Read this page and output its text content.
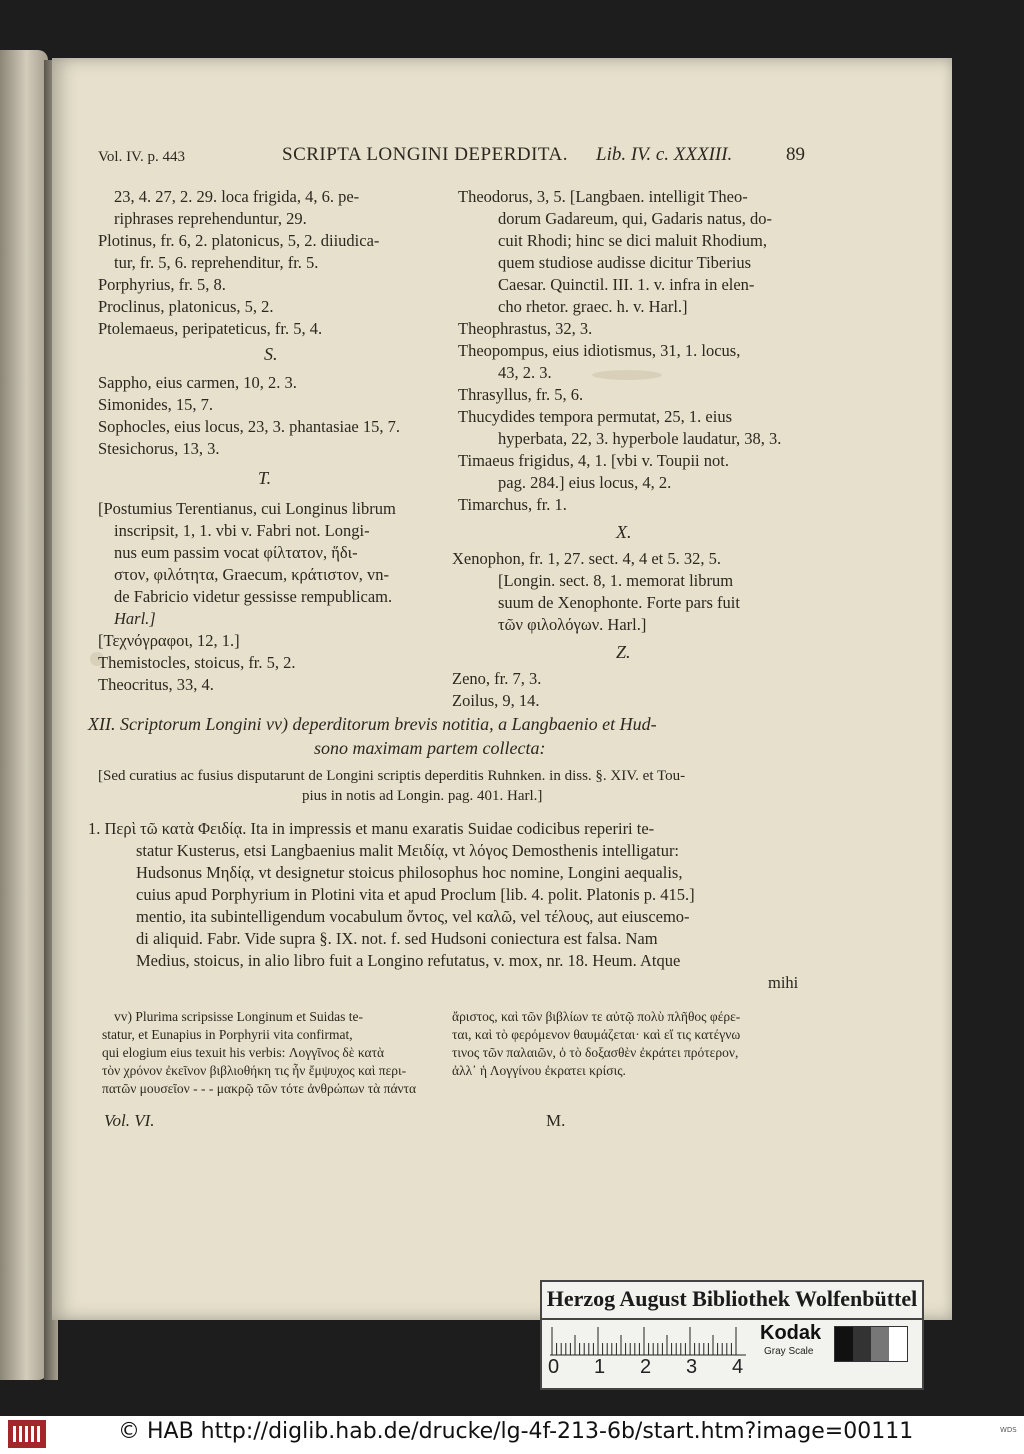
Vol. IV. p. 443	SCRIPTA LONGINI DEPERDITA. Lib. IV. c. XXXIII.	89
23, 4. 27, 2. 29. loca frigida, 4, 6. pe-
riphrases reprehenduntur, 29.
Plotinus, fr. 6, 2. platonicus, 5, 2. diiudica-
tur, fr. 5, 6. reprehenditur, fr. 5.
Porphyrius, fr. 5, 8.
Proclinus, platonicus, 5, 2.
Ptolemaeus, peripateticus, fr. 5, 4.
S.
Sappho, eius carmen, 10, 2. 3.
Simonides, 15, 7.
Sophocles, eius locus, 23, 3. phantasiae 15, 7.
Stesichorus, 13, 3.
T.
[Postumius Terentianus, cui Longinus librum
inscripsit, 1, 1. vbi v. Fabri not. Longi-
nus eum passim vocat φίλτατον, ἥδι-
στον, φιλότητα, Graecum, κράτιστον, vn-
de Fabricio videtur gessisse rempublicam.
Harl.]
[Τεχνόγραφοι, 12, 1.]
Themistocles, stoicus, fr. 5, 2.
Theocritus, 33, 4.
Theodorus, 3, 5. [Langbaen. intelligit Theo-
dorum Gadareum, qui, Gadaris natus, do-
cuit Rhodi; hinc se dici maluit Rhodium,
quem studiose audisse dicitur Tiberius
Caesar. Quinctil. III. 1. v. infra in elen-
cho rhetor. graec. h. v. Harl.]
Theophrastus, 32, 3.
Theopompus, eius idiotismus, 31, 1. locus,
43, 2. 3.
Thrasyllus, fr. 5, 6.
Thucydides tempora permutat, 25, 1. eius
hyperbata, 22, 3. hyperbole laudatur, 38, 3.
Timaeus frigidus, 4, 1. [vbi v. Toupii not.
pag. 284.] eius locus, 4, 2.
Timarchus, fr. 1.
X.
Xenophon, fr. 1, 27. sect. 4, 4 et 5. 32, 5.
[Longin. sect. 8, 1. memorat librum
suum de Xenophonte. Forte pars fuit
τῶν φιλολόγων. Harl.]
Z.
Zeno, fr. 7, 3.
Zoilus, 9, 14.
XII. Scriptorum Longini vv) deperditorum brevis notitia, a Langbaenio et Hud-
sono maximam partem collecta:
[Sed curatius ac fusius disputarunt de Longini scriptis deperditis Ruhnken. in diss. §. XIV. et Tou-
pius in notis ad Longin. pag. 401. Harl.]
1. Περὶ τῶ κατὰ Φειδίᾳ. Ita in impressis et manu exaratis Suidae codicibus reperiri te-
statur Kusterus, etsi Langbaenius malit Μειδίᾳ, vt λόγος Demosthenis intelligatur:
Hudsonus Μηδίᾳ, vt designetur stoicus philosophus hoc nomine, Longini aequalis,
cuius apud Porphyrium in Plotini vita et apud Proclum [lib. 4. polit. Platonis p. 415.]
mentio, ita subintelligendum vocabulum ὄντος, vel καλῶ, vel τέλους, aut eiuscemo-
di aliquid. Fabr. Vide supra §. IX. not. f. sed Hudsoni coniectura est falsa. Nam
Medius, stoicus, in alio libro fuit a Longino refutatus, v. mox, nr. 18. Heum. Atque
mihi
vv) Plurima scripsisse Longinum et Suidas te-
statur, et Eunapius in Porphyrii vita confirmat,
qui elogium eius texuit his verbis: Λογγῖνος δὲ κατὰ
τὸν χρόνον ἐκεῖνον βιβλιοθήκη τις ἦν ἔμψυχος καὶ περι-
πατῶν μουσεῖον - - - μακρῷ τῶν τότε ἀνθρώπων τὰ πάντα
ἄριστος, καὶ τῶν βιβλίων τε αὐτῷ πολὺ πλῆθος φέρε-
ται, καὶ τὸ φερόμενον θαυμάζεται· καὶ εἴ τις κατέγνω
τινος τῶν παλαιῶν, ὁ τὸ δοξασθὲν ἐκράτει πρότερον,
ἀλλ᾽ ἡ Λογγίνου ἐκρατει κρίσις.
Vol. VI.	M.
Herzog August Bibliothek Wolfenbüttel
0 1 2 3 4
Kodak
Gray Scale
© HAB http://diglib.hab.de/drucke/lg-4f-213-6b/start.htm?image=00111	WDS
